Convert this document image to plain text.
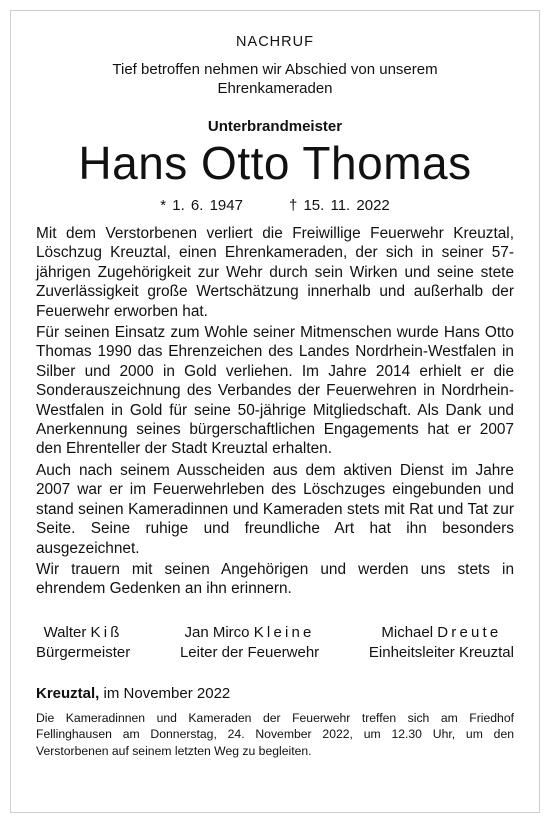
NACHRUF

Tief betroffen nehmen wir Abschied von unserem

Ehrenkameraden

Unterbrandmeister

Hans Otto Thomas

* 1. 6. 1947	† 15. 11. 2022

Mit dem Verstorbenen verliert die Freiwillige Feuerwehr Kreuztal, Löschzug Kreuztal, einen Ehrenkameraden, der sich in seiner 57-jährigen Zugehörigkeit zur Wehr durch sein Wirken und seine stete Zuverlässigkeit große Wertschätzung innerhalb und außerhalb der Feuerwehr erworben hat.

Für seinen Einsatz zum Wohle seiner Mitmenschen wurde Hans Otto Thomas 1990 das Ehrenzeichen des Landes Nordrhein-Westfalen in Silber und 2000 in Gold verliehen. Im Jahre 2014 erhielt er die Sonderauszeichnung des Verbandes der Feuerwehren in Nordrhein-Westfalen in Gold für seine 50-jährige Mitgliedschaft. Als Dank und Anerkennung seines bürgerschaftlichen Engagements hat er 2007 den Ehrenteller der Stadt Kreuztal erhalten.

Auch nach seinem Ausscheiden aus dem aktiven Dienst im Jahre 2007 war er im Feuerwehrleben des Löschzuges eingebunden und stand seinen Kameradinnen und Kameraden stets mit Rat und Tat zur Seite. Seine ruhige und freundliche Art hat ihn besonders ausgezeichnet.

Wir trauern mit seinen Angehörigen und werden uns stets in ehrendem Gedenken an ihn erinnern.

Walter Kiß
Bürgermeister
Jan Mirco Kleine
Leiter der Feuerwehr
Michael Dreute
Einheitsleiter Kreuztal

Kreuztal, im November 2022

Die Kameradinnen und Kameraden der Feuerwehr treffen sich am Friedhof Fellinghausen am Donnerstag, 24. November 2022, um 12.30 Uhr, um den Verstorbenen auf seinem letzten Weg zu begleiten.
